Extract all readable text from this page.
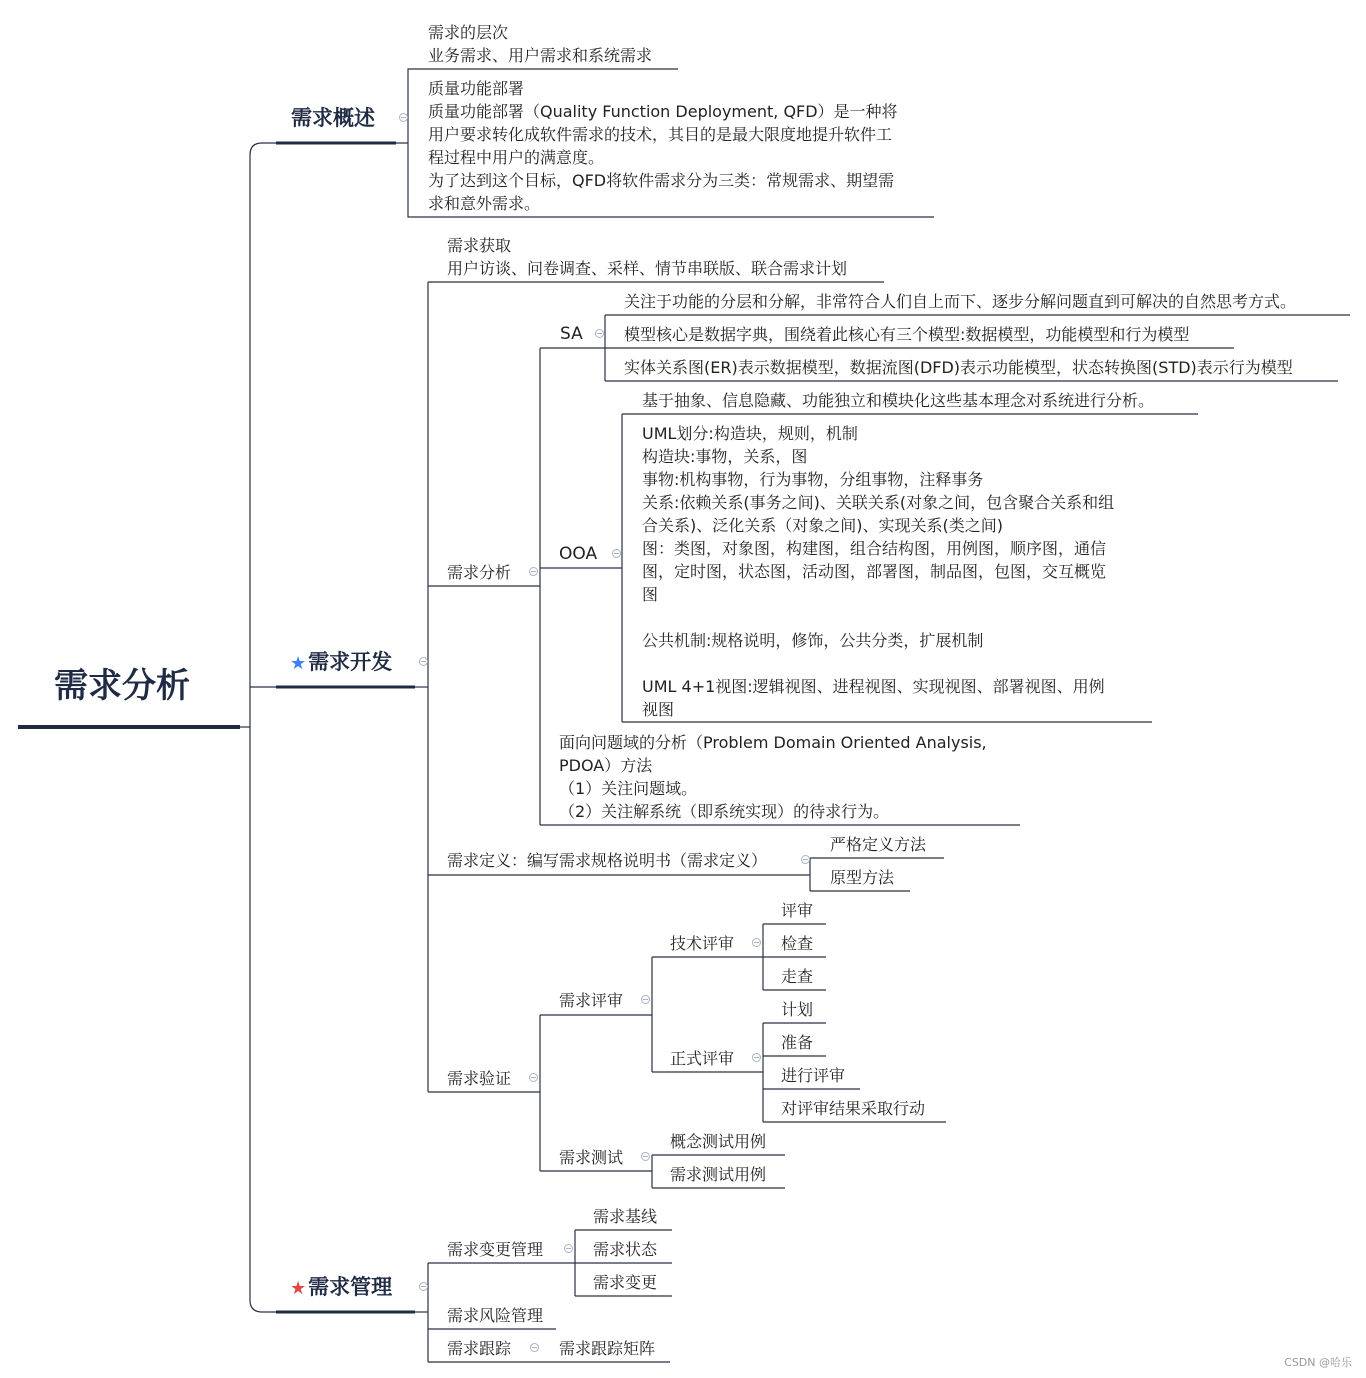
需求分析
需求概述
需求的层次
业务需求、用户需求和系统需求
质量功能部署
质量功能部署（Quality Function Deployment, QFD）是一种将
用户要求转化成软件需求的技术，其目的是最大限度地提升软件工
程过程中用户的满意度。
为了达到这个目标，QFD将软件需求分为三类：常规需求、期望需
求和意外需求。
★需求开发
需求获取
用户访谈、问卷调查、采样、情节串联版、联合需求计划
需求分析
SA
关注于功能的分层和分解，非常符合人们自上而下、逐步分解问题直到可解决的自然思考方式。
模型核心是数据字典，围绕着此核心有三个模型:数据模型，功能模型和行为模型
实体关系图(ER)表示数据模型，数据流图(DFD)表示功能模型，状态转换图(STD)表示行为模型
OOA
基于抽象、信息隐藏、功能独立和模块化这些基本理念对系统进行分析。
UML划分:构造块，规则，机制
构造块:事物，关系，图
事物:机构事物，行为事物，分组事物，注释事务
关系:依赖关系(事务之间)、关联关系(对象之间，包含聚合关系和组
合关系)、泛化关系（对象之间)、实现关系(类之间)
图：类图，对象图，构建图，组合结构图，用例图，顺序图，通信
图，定时图，状态图，活动图，部署图，制品图，包图，交互概览
图

公共机制:规格说明，修饰，公共分类，扩展机制

UML 4+1视图:逻辑视图、进程视图、实现视图、部署视图、用例
视图
面向问题域的分析（Problem Domain Oriented Analysis,
PDOA）方法
（1）关注问题域。
（2）关注解系统（即系统实现）的待求行为。
需求定义：编写需求规格说明书（需求定义）
严格定义方法
原型方法
需求验证
需求评审
技术评审
评审
检查
走查
正式评审
计划
准备
进行评审
对评审结果采取行动
需求测试
概念测试用例
需求测试用例
★需求管理
需求变更管理
需求基线
需求状态
需求变更
需求风险管理
需求跟踪	需求跟踪矩阵
CSDN @哈乐
